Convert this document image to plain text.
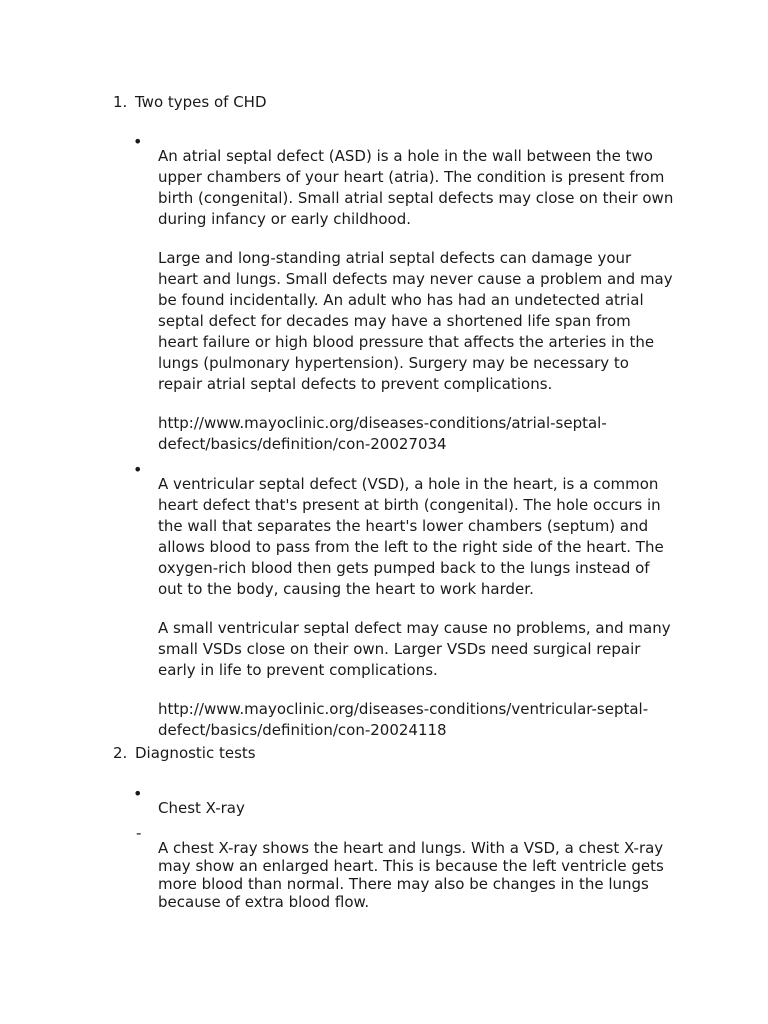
1. Two types of CHD
•

An atrial septal defect (ASD) is a hole in the wall between the two
upper chambers of your heart (atria). The condition is present from
birth (congenital). Small atrial septal defects may close on their own
during infancy or early childhood.

Large and long-standing atrial septal defects can damage your
heart and lungs. Small defects may never cause a problem and may
be found incidentally. An adult who has had an undetected atrial
septal defect for decades may have a shortened life span from
heart failure or high blood pressure that affects the arteries in the
lungs (pulmonary hypertension). Surgery may be necessary to
repair atrial septal defects to prevent complications.

http://www.mayoclinic.org/diseases-conditions/atrial-septal-
defect/basics/definition/con-20027034

•

A ventricular septal defect (VSD), a hole in the heart, is a common
heart defect that's present at birth (congenital). The hole occurs in
the wall that separates the heart's lower chambers (septum) and
allows blood to pass from the left to the right side of the heart. The
oxygen-rich blood then gets pumped back to the lungs instead of
out to the body, causing the heart to work harder.

A small ventricular septal defect may cause no problems, and many
small VSDs close on their own. Larger VSDs need surgical repair
early in life to prevent complications.

http://www.mayoclinic.org/diseases-conditions/ventricular-septal-
defect/basics/definition/con-20024118

2. Diagnostic tests
•

Chest X-ray

-

A chest X-ray shows the heart and lungs. With a VSD, a chest X-ray
may show an enlarged heart. This is because the left ventricle gets
more blood than normal. There may also be changes in the lungs
because of extra blood flow.
